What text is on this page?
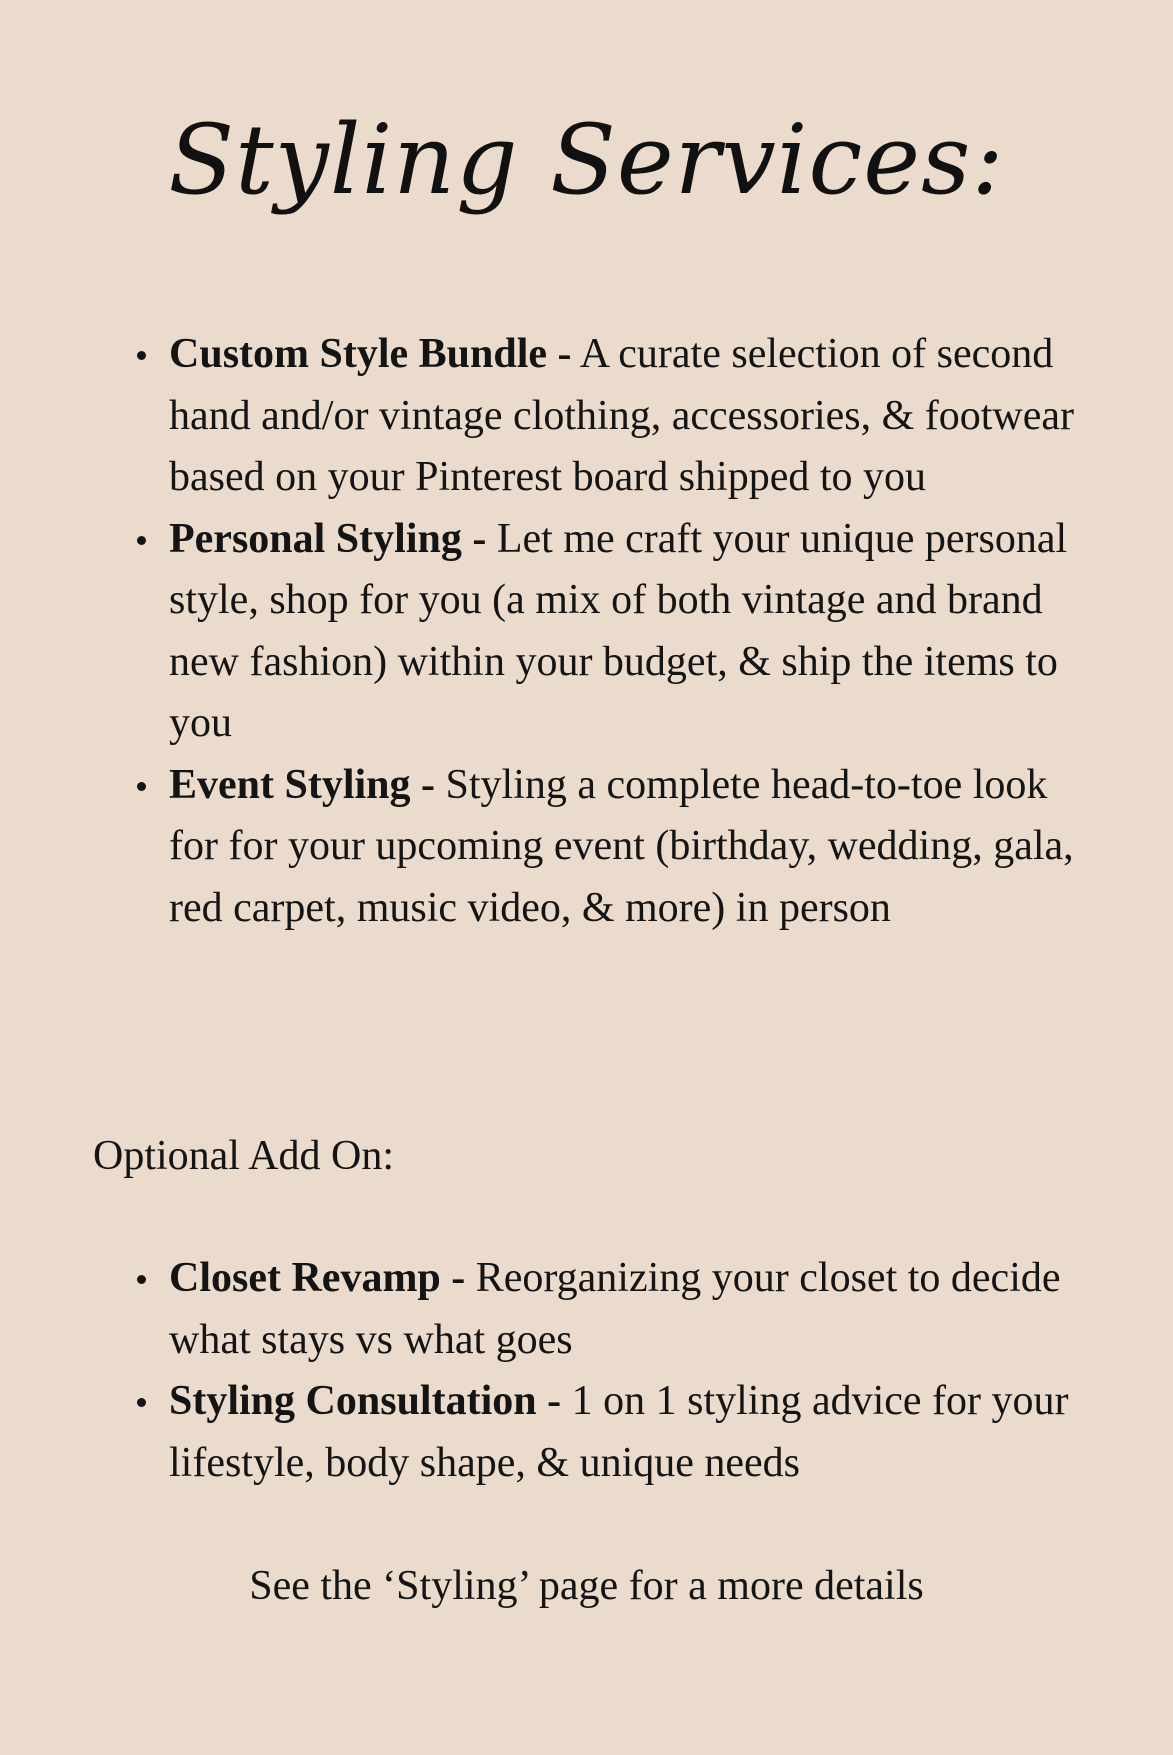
Styling Services:
Custom Style Bundle - A curate selection of second hand and/or vintage clothing, accessories, & footwear based on your Pinterest board shipped to you
Personal Styling - Let me craft your unique personal style, shop for you (a mix of both vintage and brand new fashion) within your budget, & ship the items to you
Event Styling - Styling a complete head-to-toe look for for your upcoming event (birthday, wedding, gala, red carpet, music video, & more) in person
Optional Add On:
Closet Revamp - Reorganizing your closet to decide what stays vs what goes
Styling Consultation - 1 on 1 styling advice for your lifestyle, body shape, & unique needs
See the ‘Styling’ page for a more details
